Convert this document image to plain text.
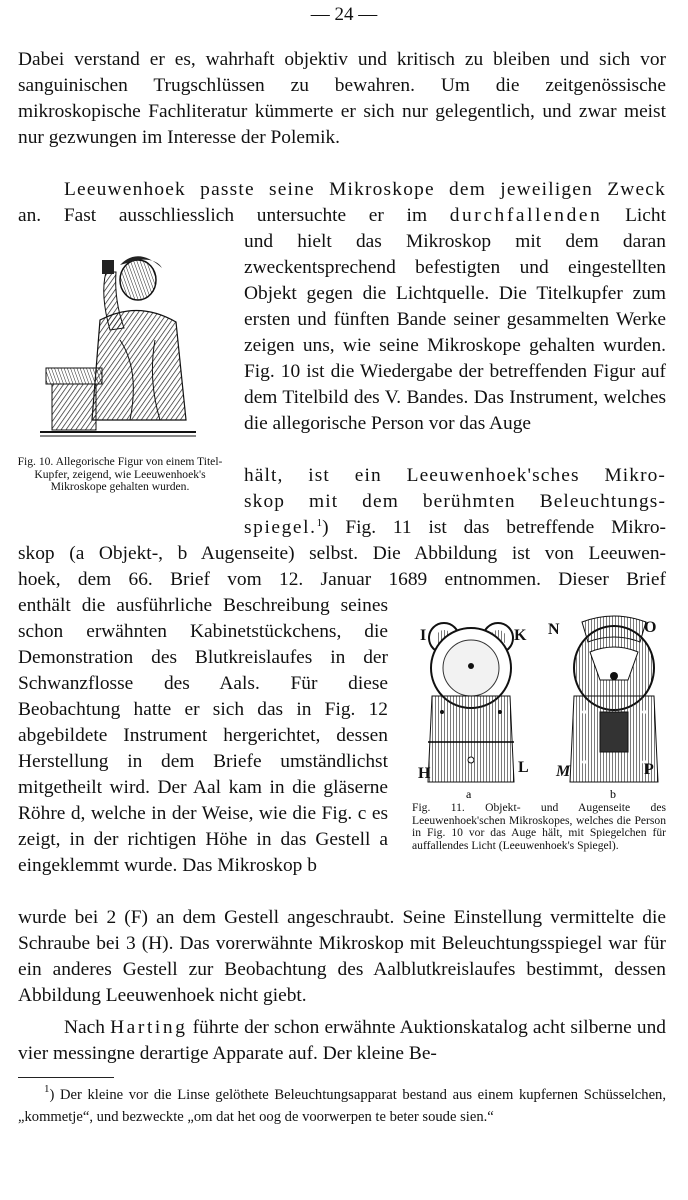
— 24 —

Dabei verstand er es, wahrhaft objektiv und kritisch zu bleiben und sich vor sanguinischen Trugschlüssen zu bewahren. Um die zeitgenössische mikroskopische Fachliteratur kümmerte er sich nur gelegentlich, und zwar meist nur gezwungen im Interesse der Polemik.

Leeuwenhoek passte seine Mikroskope dem jeweiligen Zweck
an. Fast ausschliesslich untersuchte er im durchfallenden Licht

und hielt das Mikroskop mit dem daran zweckentsprechend befestigten und eingestellten Objekt gegen die Lichtquelle. Die Titelkupfer zum ersten und fünften Bande seiner gesammelten Werke zeigen uns, wie seine Mikroskope gehalten wurden. Fig. 10 ist die Wiedergabe der betreffenden Figur auf dem Titelbild des V. Bandes. Das Instrument, welches die allegorische Person vor das Auge

hält, ist ein Leeuwenhoek'sches Mikro-
skop mit dem berühmten Beleuchtungs-
spiegel.$^1$) Fig. 11 ist das betreffende Mikro-
skop (a Objekt-, b Augenseite) selbst. Die Abbildung ist von Leeuwen-
hoek, dem 66. Brief vom 12. Januar 1689 entnommen. Dieser Brief

enthält die ausführliche Beschreibung seines schon erwähnten Kabinetstückchens, die Demonstration des Blutkreislaufes in der Schwanzflosse des Aals. Für diese Beobachtung hatte er sich das in Fig. 12 abgebildete Instrument hergerichtet, dessen Herstellung in dem Briefe umständlichst mitgetheilt wird. Der Aal kam in die gläserne Röhre d, welche in der Weise, wie die Fig. c es zeigt, in der richtigen Höhe in das Gestell a eingeklemmt wurde. Das Mikroskop b

wurde bei 2 (F) an dem Gestell angeschraubt. Seine Einstellung vermittelte die Schraube bei 3 (H). Das vorerwähnte Mikroskop mit Beleuchtungsspiegel war für ein anderes Gestell zur Beobachtung des Aalblutkreislaufes bestimmt, dessen Abbildung Leeuwenhoek nicht giebt.

Nach Harting führte der schon erwähnte Auktionskatalog acht silberne und vier messingne derartige Apparate auf. Der kleine Be-

$^1$) Der kleine vor die Linse gelöthete Beleuchtungsapparat bestand aus einem kupfernen Schüsselchen, „kommetje“, und bezweckte „om dat het oog de voorwerpen te beter soude sien.“

Fig. 10. Allegorische Figur von einem Titel-Kupfer, zeigend, wie Leeuwenhoek's Mikroskope gehalten wurden.
I	K N	O
H	L M	P
a	b
Fig. 11. Objekt- und Augenseite des Leeuwenhoek'schen Mikroskopes, welches die Person in Fig. 10 vor das Auge hält, mit Spiegelchen für auffallendes Licht (Leeuwenhoek's Spiegel).
